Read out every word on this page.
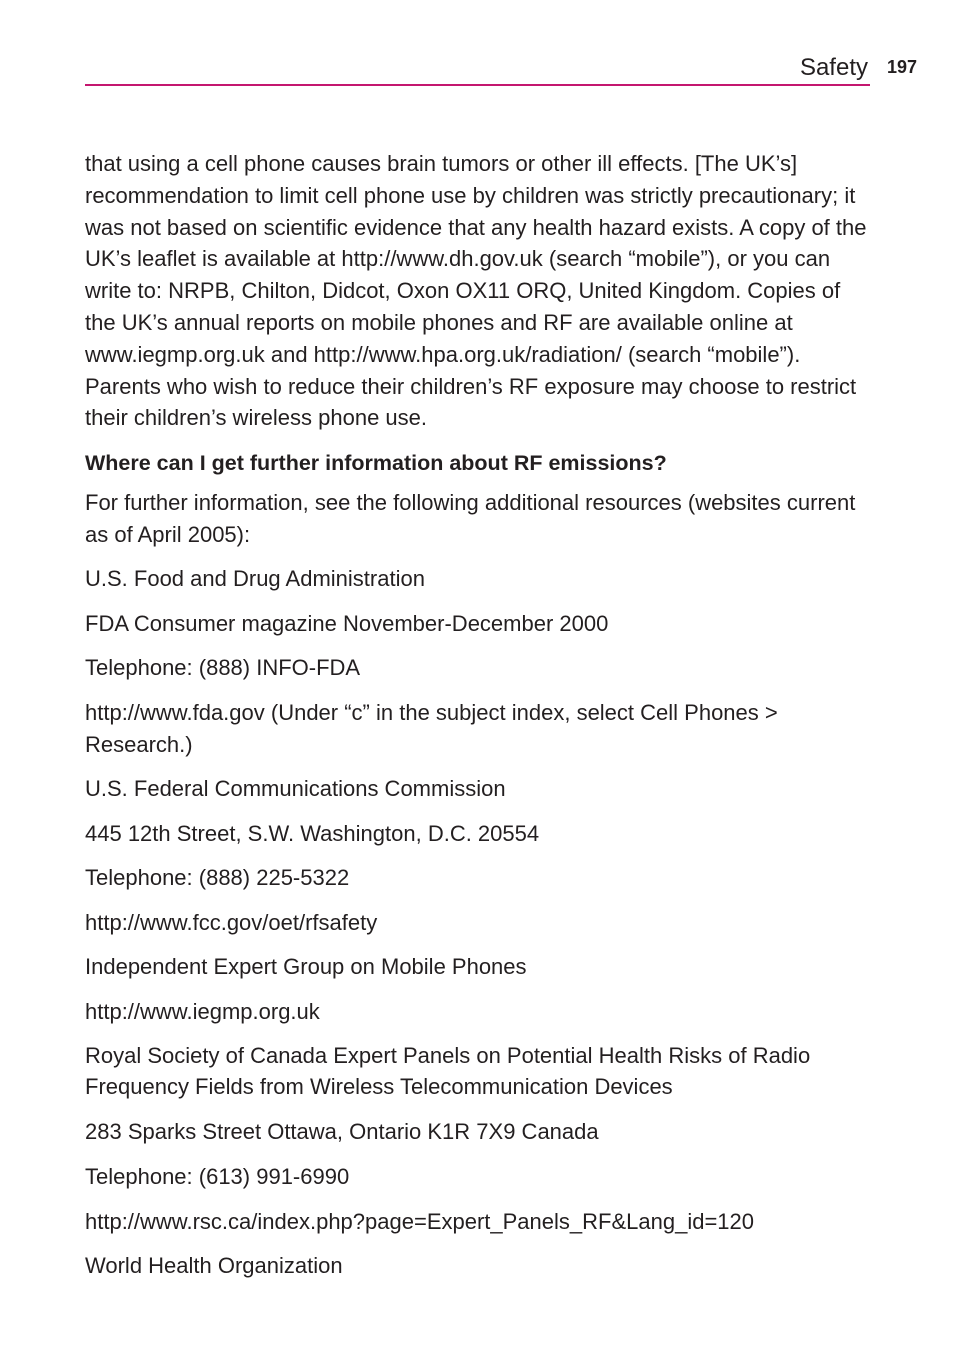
Safety 197

that using a cell phone causes brain tumors or other ill effects. [The UK’s] recommendation to limit cell phone use by children was strictly precautionary; it was not based on scientific evidence that any health hazard exists. A copy of the UK’s leaflet is available at http://www.dh.gov.uk (search “mobile”), or you can write to: NRPB, Chilton, Didcot, Oxon OX11 ORQ, United Kingdom. Copies of the UK’s annual reports on mobile phones and RF are available online at www.iegmp.org.uk and http://www.hpa.org.uk/radiation/ (search “mobile”). Parents who wish to reduce their children’s RF exposure may choose to restrict their children’s wireless phone use.

Where can I get further information about RF emissions?

For further information, see the following additional resources (websites current as of April 2005):

U.S. Food and Drug Administration

FDA Consumer magazine November-December 2000

Telephone: (888) INFO-FDA

http://www.fda.gov (Under “c” in the subject index, select Cell Phones > Research.)

U.S. Federal Communications Commission

445 12th Street, S.W. Washington, D.C. 20554

Telephone: (888) 225-5322

http://www.fcc.gov/oet/rfsafety

Independent Expert Group on Mobile Phones

http://www.iegmp.org.uk

Royal Society of Canada Expert Panels on Potential Health Risks of Radio Frequency Fields from Wireless Telecommunication Devices

283 Sparks Street Ottawa, Ontario K1R 7X9 Canada

Telephone: (613) 991-6990

http://www.rsc.ca/index.php?page=Expert_Panels_RF&Lang_id=120

World Health Organization
